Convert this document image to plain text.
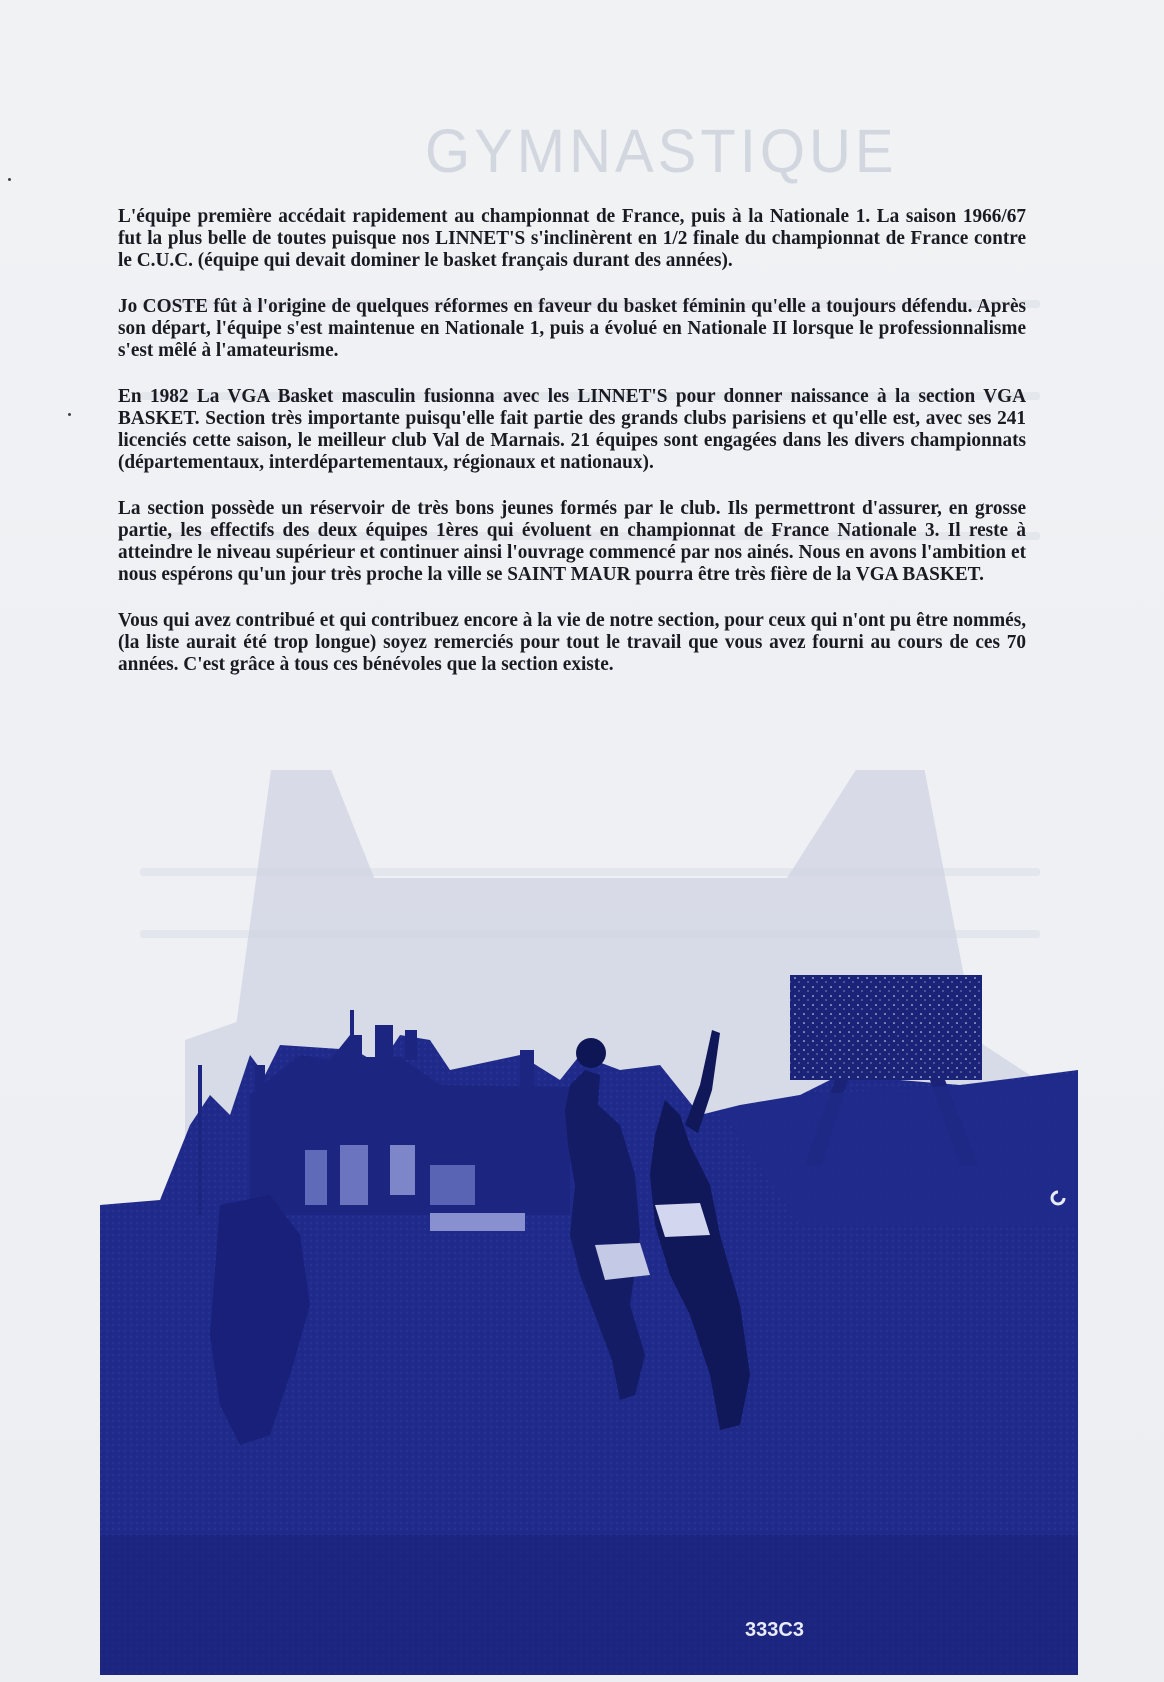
GYMNASTIQUE

L'équipe première accédait rapidement au championnat de France, puis à la Nationale 1. La saison 1966/67 fut la plus belle de toutes puisque nos LINNET'S s'inclinèrent en 1/2 finale du championnat de France contre le C.U.C. (équipe qui devait dominer le basket français durant des années).

Jo COSTE fût à l'origine de quelques réformes en faveur du basket féminin qu'elle a toujours défendu. Après son départ, l'équipe s'est maintenue en Nationale 1, puis a évolué en Nationale II lorsque le professionnalisme s'est mêlé à l'amateurisme.

En 1982 La VGA Basket masculin fusionna avec les LINNET'S pour donner naissance à la section VGA BASKET. Section très importante puisqu'elle fait partie des grands clubs parisiens et qu'elle est, avec ses 241 licenciés cette saison, le meilleur club Val de Marnais. 21 équipes sont engagées dans les divers championnats (départementaux, interdépartementaux, régionaux et nationaux).

La section possède un réservoir de très bons jeunes formés par le club. Ils permettront d'assurer, en grosse partie, les effectifs des deux équipes 1ères qui évoluent en championnat de France Nationale 3. Il reste à atteindre le niveau supérieur et continuer ainsi l'ouvrage commencé par nos ainés. Nous en avons l'ambition et nous espérons qu'un jour très proche la ville se SAINT MAUR pourra être très fière de la VGA BASKET.

Vous qui avez contribué et qui contribuez encore à la vie de notre section, pour ceux qui n'ont pu être nommés, (la liste aurait été trop longue) soyez remerciés pour tout le travail que vous avez fourni au cours de ces 70 années. C'est grâce à tous ces bénévoles que la section existe.

333C3
